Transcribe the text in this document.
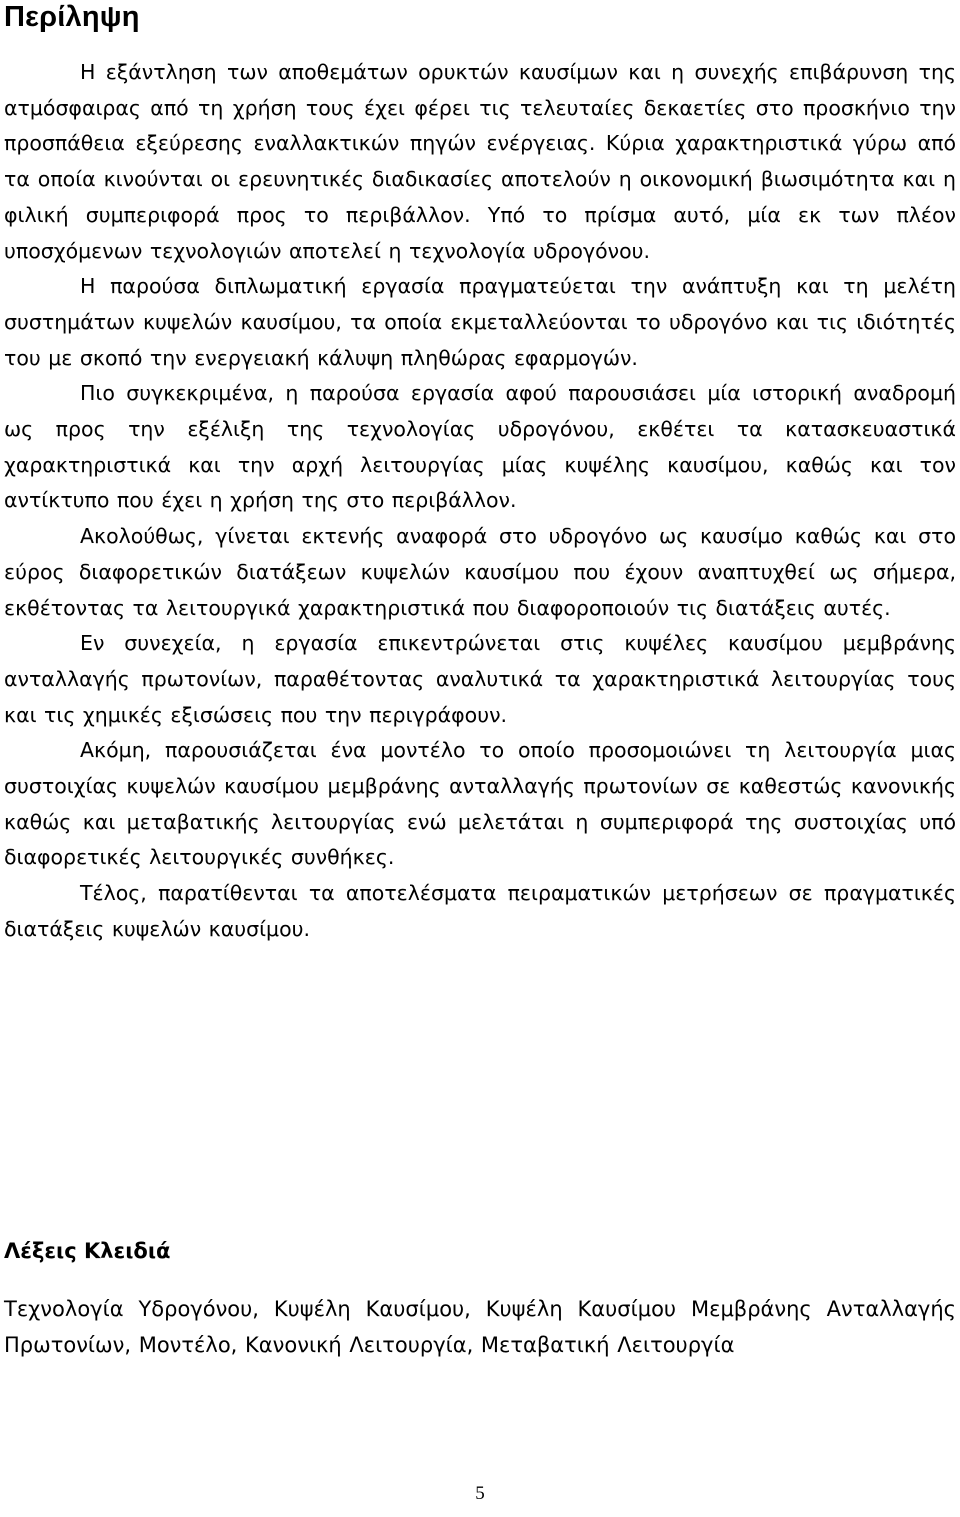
Περίληψη

Η εξάντληση των αποθεμάτων ορυκτών καυσίμων και η συνεχής επιβάρυνση της ατμόσφαιρας από τη χρήση τους έχει φέρει τις τελευταίες δεκαετίες στο προσκήνιο την προσπάθεια εξεύρεσης εναλλακτικών πηγών ενέργειας. Κύρια χαρακτηριστικά γύρω από τα οποία κινούνται οι ερευνητικές διαδικασίες αποτελούν η οικονομική βιωσιμότητα και η φιλική συμπεριφορά προς το περιβάλλον. Υπό το πρίσμα αυτό, μία εκ των πλέον υποσχόμενων τεχνολογιών αποτελεί η τεχνολογία υδρογόνου.

Η παρούσα διπλωματική εργασία πραγματεύεται την ανάπτυξη και τη μελέτη συστημάτων κυψελών καυσίμου, τα οποία εκμεταλλεύονται το υδρογόνο και τις ιδιότητές του με σκοπό την ενεργειακή κάλυψη πληθώρας εφαρμογών.

Πιο συγκεκριμένα, η παρούσα εργασία αφού παρουσιάσει μία ιστορική αναδρομή ως προς την εξέλιξη της τεχνολογίας υδρογόνου, εκθέτει τα κατασκευαστικά χαρακτηριστικά και την αρχή λειτουργίας μίας κυψέλης καυσίμου, καθώς και τον αντίκτυπο που έχει η χρήση της στο περιβάλλον.

Ακολούθως, γίνεται εκτενής αναφορά στο υδρογόνο ως καυσίμο καθώς και στο εύρος διαφορετικών διατάξεων κυψελών καυσίμου που έχουν αναπτυχθεί ως σήμερα, εκθέτοντας τα λειτουργικά χαρακτηριστικά που διαφοροποιούν τις διατάξεις αυτές.

Εν συνεχεία, η εργασία επικεντρώνεται στις κυψέλες καυσίμου μεμβράνης ανταλλαγής πρωτονίων, παραθέτοντας αναλυτικά τα χαρακτηριστικά λειτουργίας τους και τις χημικές εξισώσεις που την περιγράφουν.

Ακόμη, παρουσιάζεται ένα μοντέλο το οποίο προσομοιώνει τη λειτουργία μιας συστοιχίας κυψελών καυσίμου μεμβράνης ανταλλαγής πρωτονίων σε καθεστώς κανονικής καθώς και μεταβατικής λειτουργίας ενώ μελετάται η συμπεριφορά της συστοιχίας υπό διαφορετικές λειτουργικές συνθήκες.

Τέλος, παρατίθενται τα αποτελέσματα πειραματικών μετρήσεων σε πραγματικές διατάξεις κυψελών καυσίμου.

Λέξεις Κλειδιά

Τεχνολογία Υδρογόνου, Κυψέλη Καυσίμου, Κυψέλη Καυσίμου Μεμβράνης Ανταλλαγής Πρωτονίων, Μοντέλο, Κανονική Λειτουργία, Μεταβατική Λειτουργία

5
